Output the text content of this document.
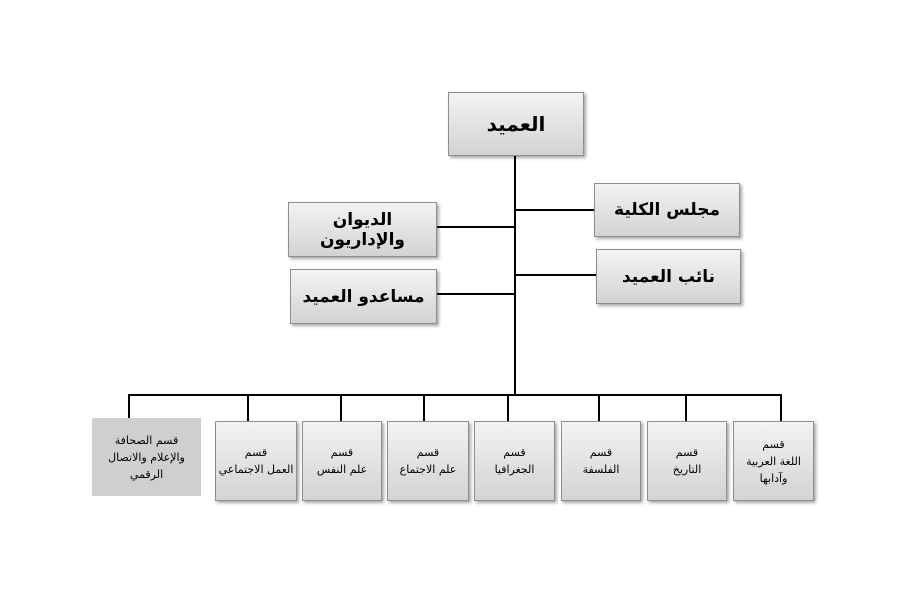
العميد
مجلس الكلية
الديوان والإداريون
نائب العميد
مساعدو العميد
قسم
اللغة العربية
وآدابها
قسم
التاريخ
قسم
الفلسفة
قسم
الجغرافيا
قسم
علم الاجتماع
قسم
علم النفس
قسم
العمل الاجتماعي
قسم الصحافة
والإعلام والاتصال
الرقمي
